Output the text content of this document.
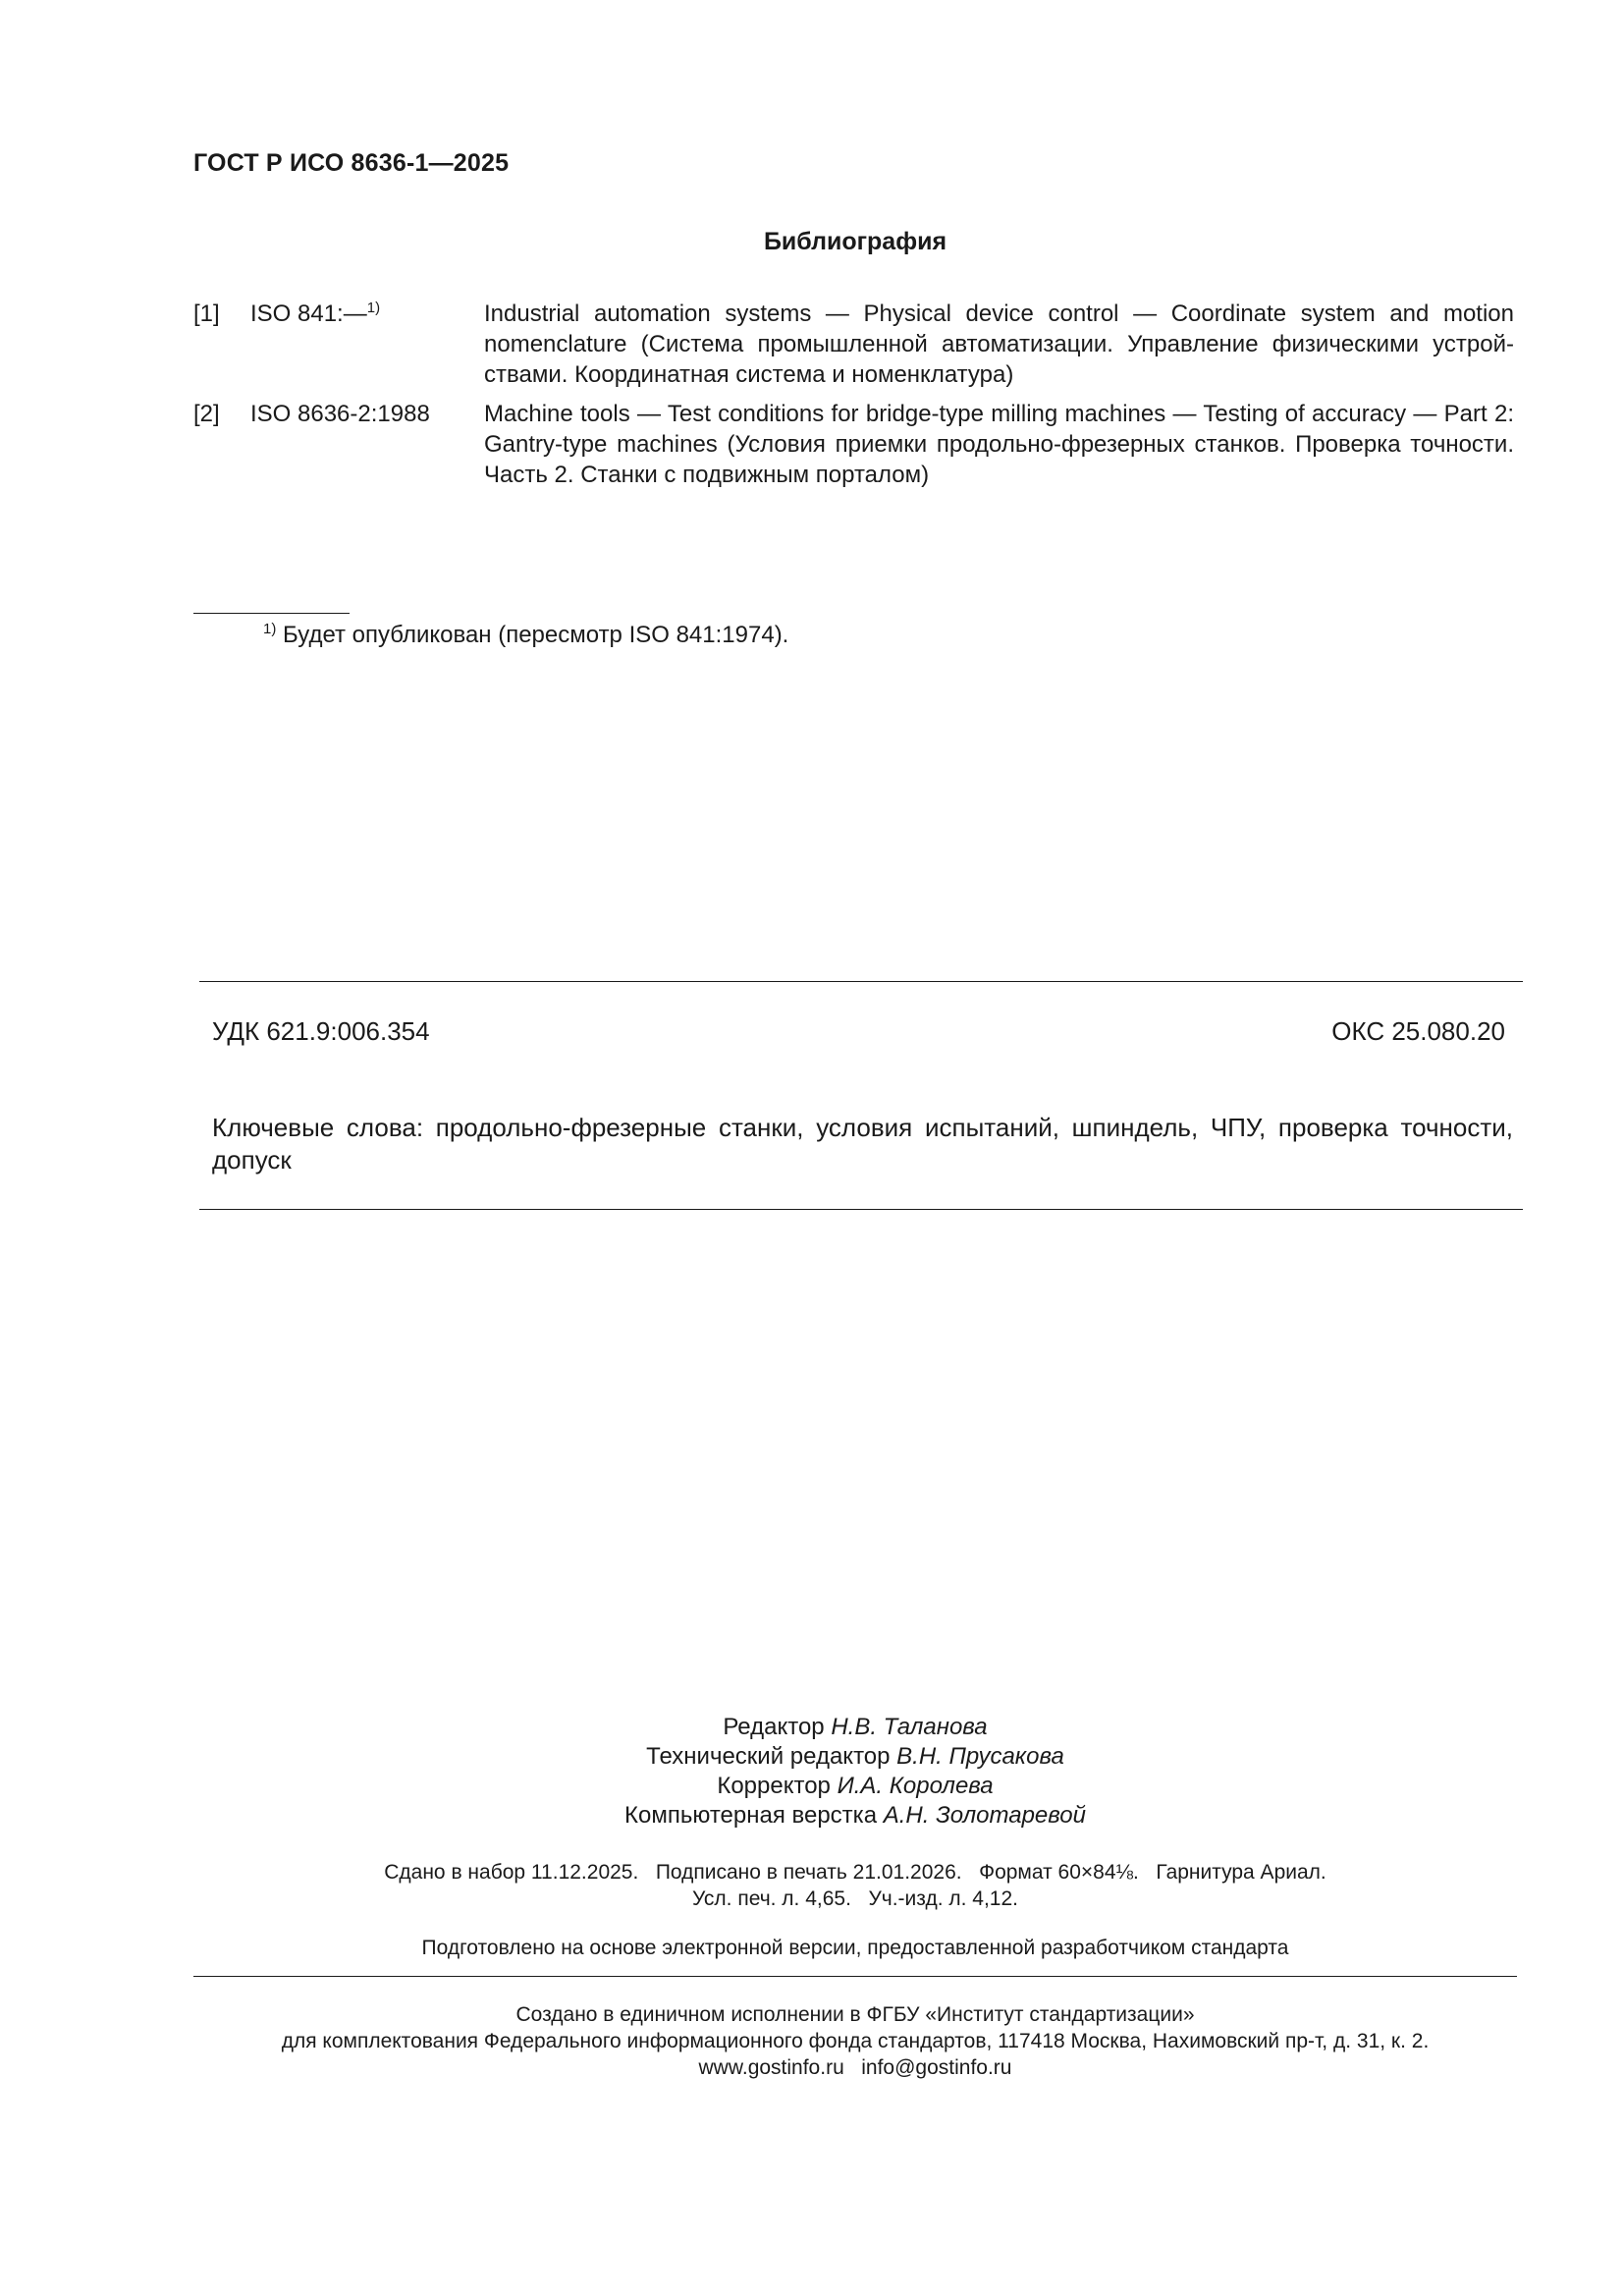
ГОСТ Р ИСО 8636-1—2025
Библиография
[1] ISO 841:—$^{1)}$	Industrial automation systems — Physical device control — Coordinate system and motion nomenclature (Система промышленной автоматизации. Управление физическими устрой-ствами. Координатная система и номенклатура)
[2] ISO 8636-2:1988 Machine tools — Test conditions for bridge-type milling machines — Testing of accuracy — Part 2: Gantry-type machines (Условия приемки продольно-фрезерных станков. Проверка точности. Часть 2. Станки с подвижным порталом)
$^{1)}$ Будет опубликован (пересмотр ISO 841:1974).
УДК 621.9:006.354	ОКС 25.080.20
Ключевые слова: продольно-фрезерные станки, условия испытаний, шпиндель, ЧПУ, проверка точности, допуск
Редактор Н.В. Таланова
Технический редактор В.Н. Прусакова
Корректор И.А. Королева
Компьютерная верстка А.Н. Золотаревой
Сдано в набор 11.12.2025.   Подписано в печать 21.01.2026.   Формат 60×84⅛.   Гарнитура Ариал.
Усл. печ. л. 4,65.   Уч.-изд. л. 4,12.
Подготовлено на основе электронной версии, предоставленной разработчиком стандарта
Создано в единичном исполнении в ФГБУ «Институт стандартизации»
для комплектования Федерального информационного фонда стандартов, 117418 Москва, Нахимовский пр-т, д. 31, к. 2.
www.gostinfo.ru   info@gostinfo.ru
